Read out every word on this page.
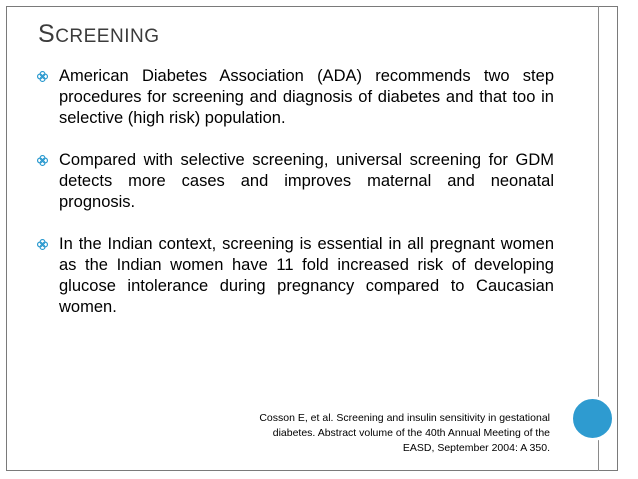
SCREENING
American Diabetes Association (ADA) recommends two step procedures for screening and diagnosis of diabetes and that too in selective (high risk) population.
Compared with selective screening, universal screening for GDM detects more cases and improves maternal and neonatal prognosis.
In the Indian context, screening is essential in all pregnant women as the Indian women have 11 fold increased risk of developing glucose intolerance during pregnancy compared to Caucasian women.
Cosson E, et al. Screening and insulin sensitivity in gestational
diabetes. Abstract volume of the 40th Annual Meeting of the
EASD, September 2004: A 350.
